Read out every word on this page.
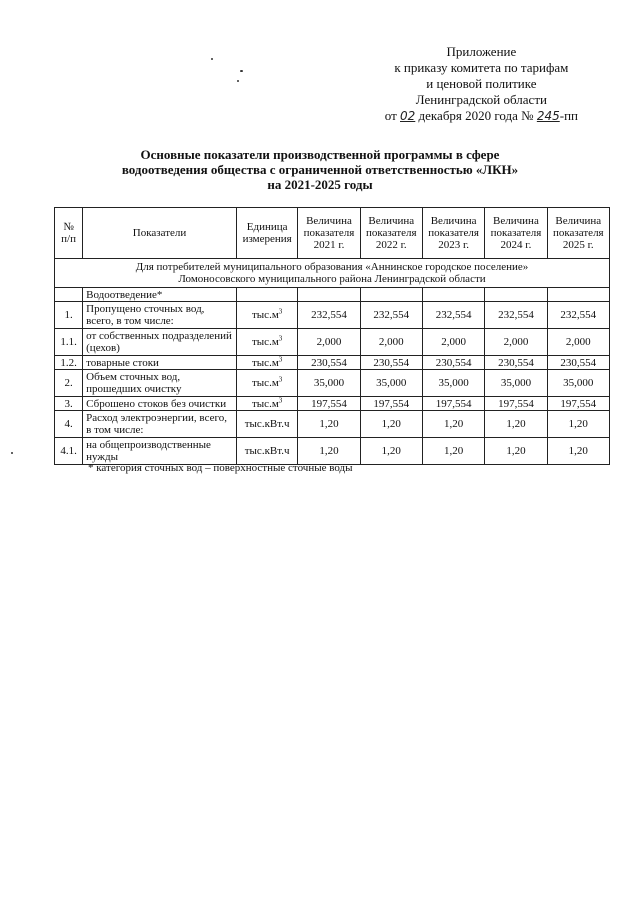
Приложение
к приказу комитета по тарифам
и ценовой политике
Ленинградской области
от 02 декабря 2020 года № 245-пп
Основные показатели производственной программы в сфере
водоотведения общества с ограниченной ответственностью «ЛКН»
на 2021-2025 годы
№ п/п	Показатели	Единица измерения	Величина показателя 2021 г.	Величина показателя 2022 г.	Величина показателя 2023 г.	Величина показателя 2024 г.	Величина показателя 2025 г.

Для потребителей муниципального образования «Аннинское городское поселение»
Ломоносовского муниципального района Ленинградской области							

	Водоотведение*						
1.	Пропущено сточных вод, всего, в том числе:	$тыс.м^3$	232,554	232,554	232,554	232,554	232,554
1.1.	от собственных подразделений (цехов)	$тыс.м^3$	2,000	2,000	2,000	2,000	2,000
1.2.	товарные стоки	$тыс.м^3$	230,554	230,554	230,554	230,554	230,554
2.	Объем сточных вод, прошедших очистку	$тыс.м^3$	35,000	35,000	35,000	35,000	35,000
3.	Сброшено стоков без очистки	$тыс.м^3$	197,554	197,554	197,554	197,554	197,554
4.	Расход электроэнергии, всего, в том числе:	тыс.кВт.ч	1,20	1,20	1,20	1,20	1,20
4.1.	на общепроизводственные нужды	тыс.кВт.ч	1,20	1,20	1,20	1,20	1,20
* категория сточных вод – поверхностные сточные воды
